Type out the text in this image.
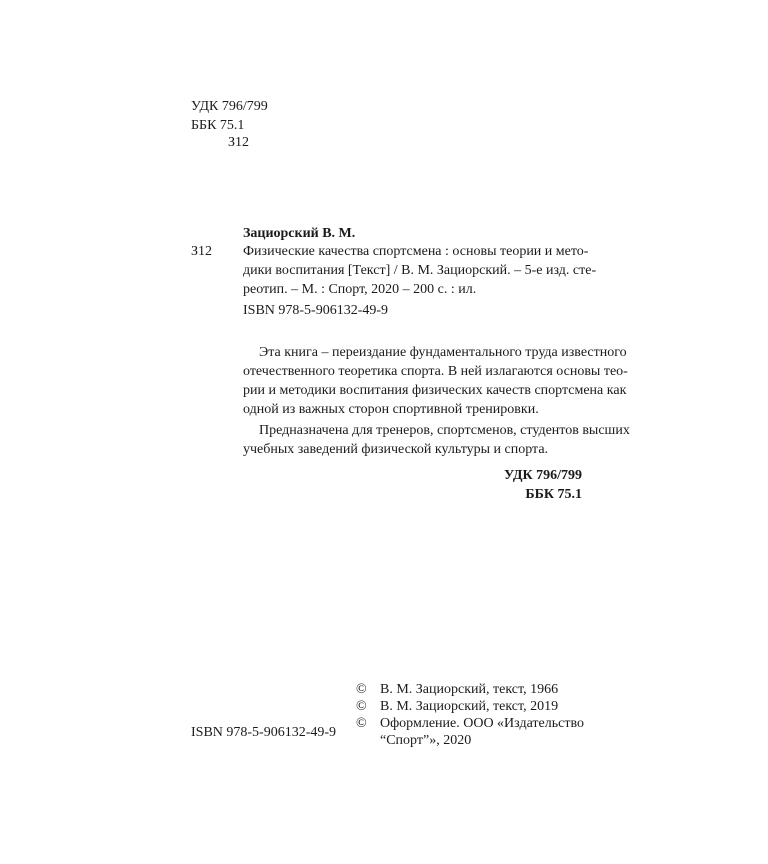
УДК 796/799
ББК 75.1
З12
Зациорский В. М.
З12 Физические качества спортсмена : основы теории и мето-
дики воспитания [Текст] / В. М. Зациорский. – 5-е изд. сте-
реотип. – М. : Спорт, 2020 – 200 с. : ил.
ISBN 978-5-906132-49-9
Эта книга – переиздание фундаментального труда известного
отечественного теоретика спорта. В ней излагаются основы тео-
рии и методики воспитания физических качеств спортсмена как
одной из важных сторон спортивной тренировки.
Предназначена для тренеров, спортсменов, студентов высших
учебных заведений физической культуры и спорта.
УДК 796/799
ББК 75.1
© В. М. Зациорский, текст, 1966
© В. М. Зациорский, текст, 2019
© Оформление. ООО «Издательство
“Спорт”», 2020
ISBN 978-5-906132-49-9
